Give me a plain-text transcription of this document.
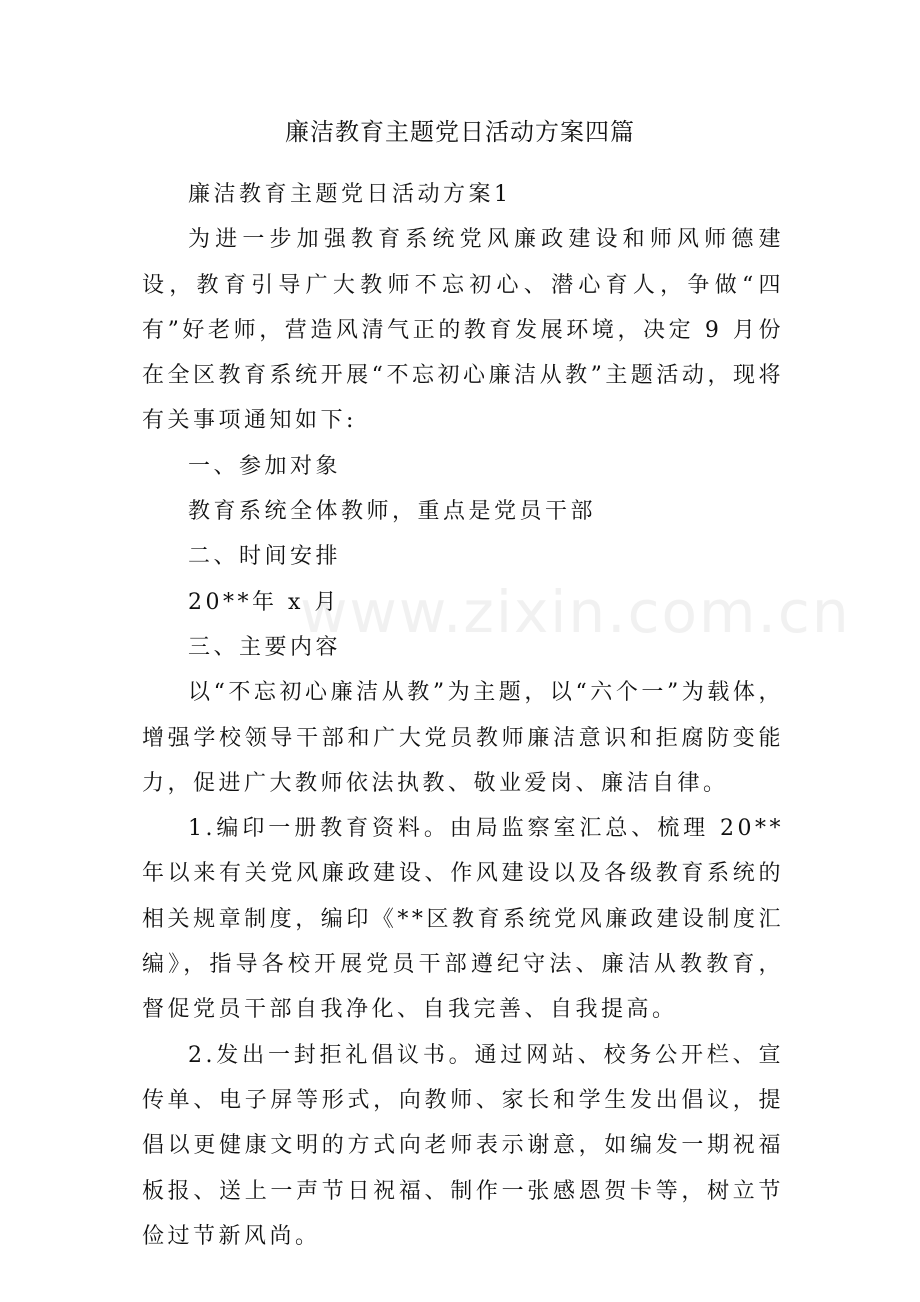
www.zixin.com.cn
廉洁教育主题党日活动方案四篇

廉洁教育主题党日活动方案1

为进一步加强教育系统党风廉政建设和师风师德建设，教育引导广大教师不忘初心、潜心育人，争做“四有”好老师，营造风清气正的教育发展环境，决定 9 月份在全区教育系统开展“不忘初心廉洁从教”主题活动，现将有关事项通知如下:

一、参加对象

教育系统全体教师，重点是党员干部

二、时间安排

20**年 x 月

三、主要内容

以“不忘初心廉洁从教”为主题，以“六个一”为载体，增强学校领导干部和广大党员教师廉洁意识和拒腐防变能力，促进广大教师依法执教、敬业爱岗、廉洁自律。

1.编印一册教育资料。由局监察室汇总、梳理 20**年以来有关党风廉政建设、作风建设以及各级教育系统的相关规章制度，编印《**区教育系统党风廉政建设制度汇编》，指导各校开展党员干部遵纪守法、廉洁从教教育，督促党员干部自我净化、自我完善、自我提高。

2.发出一封拒礼倡议书。通过网站、校务公开栏、宣传单、电子屏等形式，向教师、家长和学生发出倡议，提倡以更健康文明的方式向老师表示谢意，如编发一期祝福板报、送上一声节日祝福、制作一张感恩贺卡等，树立节俭过节新风尚。
